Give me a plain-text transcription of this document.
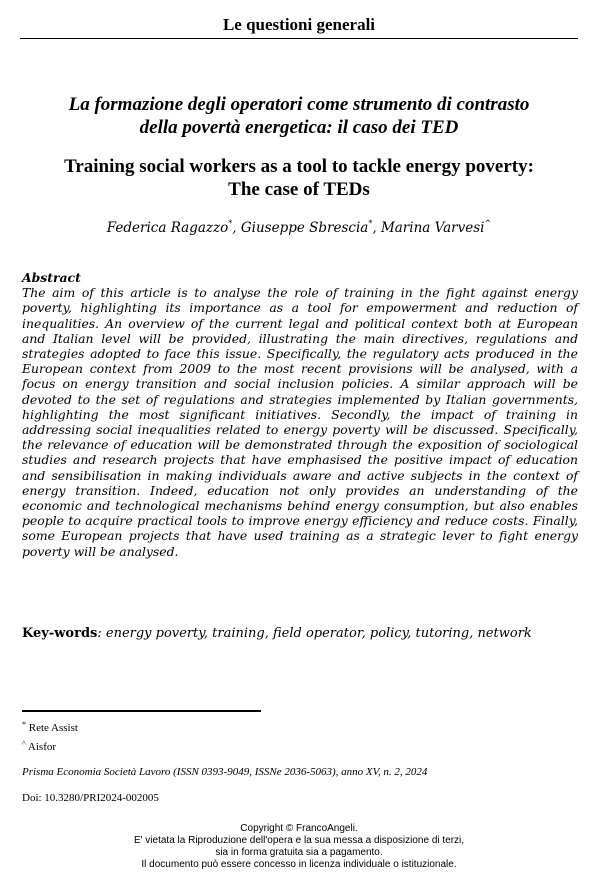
Le questioni generali
La formazione degli operatori come strumento di contrasto
della povertà energetica: il caso dei TED
Training social workers as a tool to tackle energy poverty:
The case of TEDs
Federica Ragazzo*, Giuseppe Sbrescia*, Marina Varvesi^
Abstract
The aim of this article is to analyse the role of training in the fight against energy poverty, highlighting its importance as a tool for empowerment and reduction of inequalities. An overview of the current legal and political context both at European and Italian level will be provided, illustrating the main directives, regulations and strategies adopted to face this issue. Specifically, the regulatory acts produced in the European context from 2009 to the most recent provisions will be analysed, with a focus on energy transition and social inclusion policies. A similar approach will be devoted to the set of regulations and strategies implemented by Italian governments, highlighting the most significant initiatives. Secondly, the impact of training in addressing social inequalities related to energy poverty will be discussed. Specifically, the relevance of education will be demonstrated through the exposition of sociological studies and research projects that have emphasised the positive impact of education and sensibilisation in making individuals aware and active subjects in the context of energy transition. Indeed, education not only provides an understanding of the economic and technological mechanisms behind energy consumption, but also enables people to acquire practical tools to improve energy efficiency and reduce costs. Finally, some European projects that have used training as a strategic lever to fight energy poverty will be analysed.
Key-words: energy poverty, training, field operator, policy, tutoring, network
* Rete Assist
^ Aisfor
Prisma Economia Società Lavoro (ISSN 0393-9049, ISSNe 2036-5063), anno XV, n. 2, 2024
Doi: 10.3280/PRI2024-002005
Copyright © FrancoAngeli.
E' vietata la Riproduzione dell'opera e la sua messa a disposizione di terzi,
sia in forma gratuita sia a pagamento.
Il documento può essere concesso in licenza individuale o istituzionale.
